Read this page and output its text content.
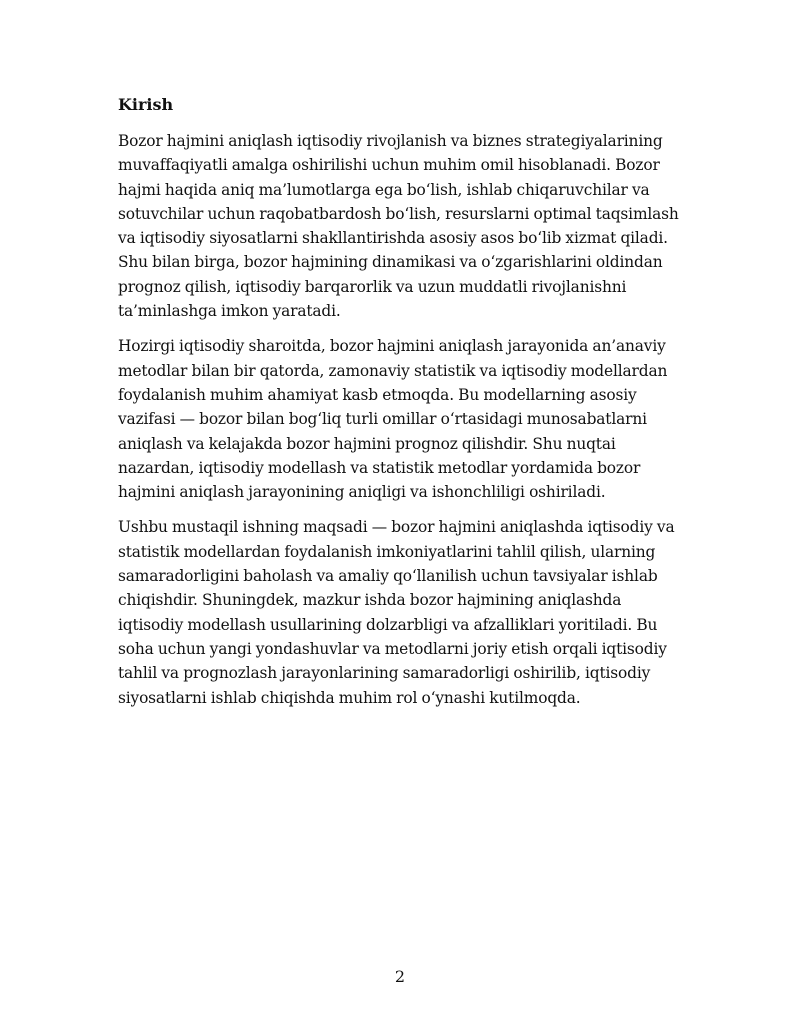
Kirish

Bozor hajmini aniqlash iqtisodiy rivojlanish va biznes strategiyalarining
muvaffaqiyatli amalga oshirilishi uchun muhim omil hisoblanadi. Bozor
hajmi haqida aniq ma’lumotlarga ega bo‘lish, ishlab chiqaruvchilar va
sotuvchilar uchun raqobatbardosh bo‘lish, resurslarni optimal taqsimlash
va iqtisodiy siyosatlarni shakllantirishda asosiy asos bo‘lib xizmat qiladi.
Shu bilan birga, bozor hajmining dinamikasi va o‘zgarishlarini oldindan
prognoz qilish, iqtisodiy barqarorlik va uzun muddatli rivojlanishni
ta’minlashga imkon yaratadi.

Hozirgi iqtisodiy sharoitda, bozor hajmini aniqlash jarayonida an’anaviy
metodlar bilan bir qatorda, zamonaviy statistik va iqtisodiy modellardan
foydalanish muhim ahamiyat kasb etmoqda. Bu modellarning asosiy
vazifasi — bozor bilan bog‘liq turli omillar o‘rtasidagi munosabatlarni
aniqlash va kelajakda bozor hajmini prognoz qilishdir. Shu nuqtai
nazardan, iqtisodiy modellash va statistik metodlar yordamida bozor
hajmini aniqlash jarayonining aniqligi va ishonchliligi oshiriladi.

Ushbu mustaqil ishning maqsadi — bozor hajmini aniqlashda iqtisodiy va
statistik modellardan foydalanish imkoniyatlarini tahlil qilish, ularning
samaradorligini baholash va amaliy qo‘llanilish uchun tavsiyalar ishlab
chiqishdir. Shuningdek, mazkur ishda bozor hajmining aniqlashda
iqtisodiy modellash usullarining dolzarbligi va afzalliklari yoritiladi. Bu
soha uchun yangi yondashuvlar va metodlarni joriy etish orqali iqtisodiy
tahlil va prognozlash jarayonlarining samaradorligi oshirilib, iqtisodiy
siyosatlarni ishlab chiqishda muhim rol o‘ynashi kutilmoqda.

2
